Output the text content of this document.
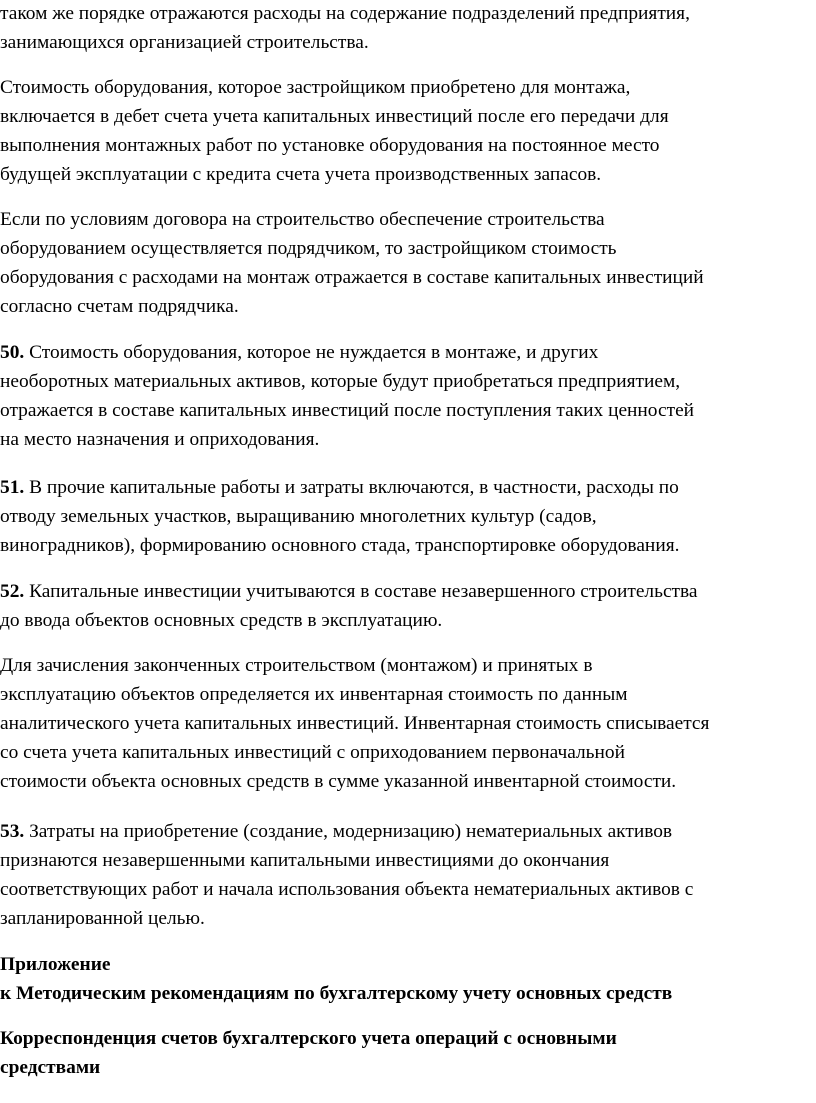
таком же порядке отражаются расходы на содержание подразделений предприятия,
занимающихся организацией строительства.
Стоимость оборудования, которое застройщиком приобретено для монтажа,
включается в дебет счета учета капитальных инвестиций после его передачи для
выполнения монтажных работ по установке оборудования на постоянное место
будущей эксплуатации с кредита счета учета производственных запасов.
Если по условиям договора на строительство обеспечение строительства
оборудованием осуществляется подрядчиком, то застройщиком стоимость
оборудования с расходами на монтаж отражается в составе капитальных инвестиций
согласно счетам подрядчика.
50. Стоимость оборудования, которое не нуждается в монтаже, и других
необоротных материальных активов, которые будут приобретаться предприятием,
отражается в составе капитальных инвестиций после поступления таких ценностей
на место назначения и оприходования.
51. В прочие капитальные работы и затраты включаются, в частности, расходы по
отводу земельных участков, выращиванию многолетних культур (садов,
виноградников), формированию основного стада, транспортировке оборудования.
52. Капитальные инвестиции учитываются в составе незавершенного строительства
до ввода объектов основных средств в эксплуатацию.
Для зачисления законченных строительством (монтажом) и принятых в
эксплуатацию объектов определяется их инвентарная стоимость по данным
аналитического учета капитальных инвестиций. Инвентарная стоимость списывается
со счета учета капитальных инвестиций с оприходованием первоначальной
стоимости объекта основных средств в сумме указанной инвентарной стоимости.
53. Затраты на приобретение (создание, модернизацию) нематериальных активов
признаются незавершенными капитальными инвестициями до окончания
соответствующих работ и начала использования объекта нематериальных активов с
запланированной целью.
Приложение
к Методическим рекомендациям по бухгалтерскому учету основных средств
Корреспонденция счетов бухгалтерского учета операций с основными
средствами
